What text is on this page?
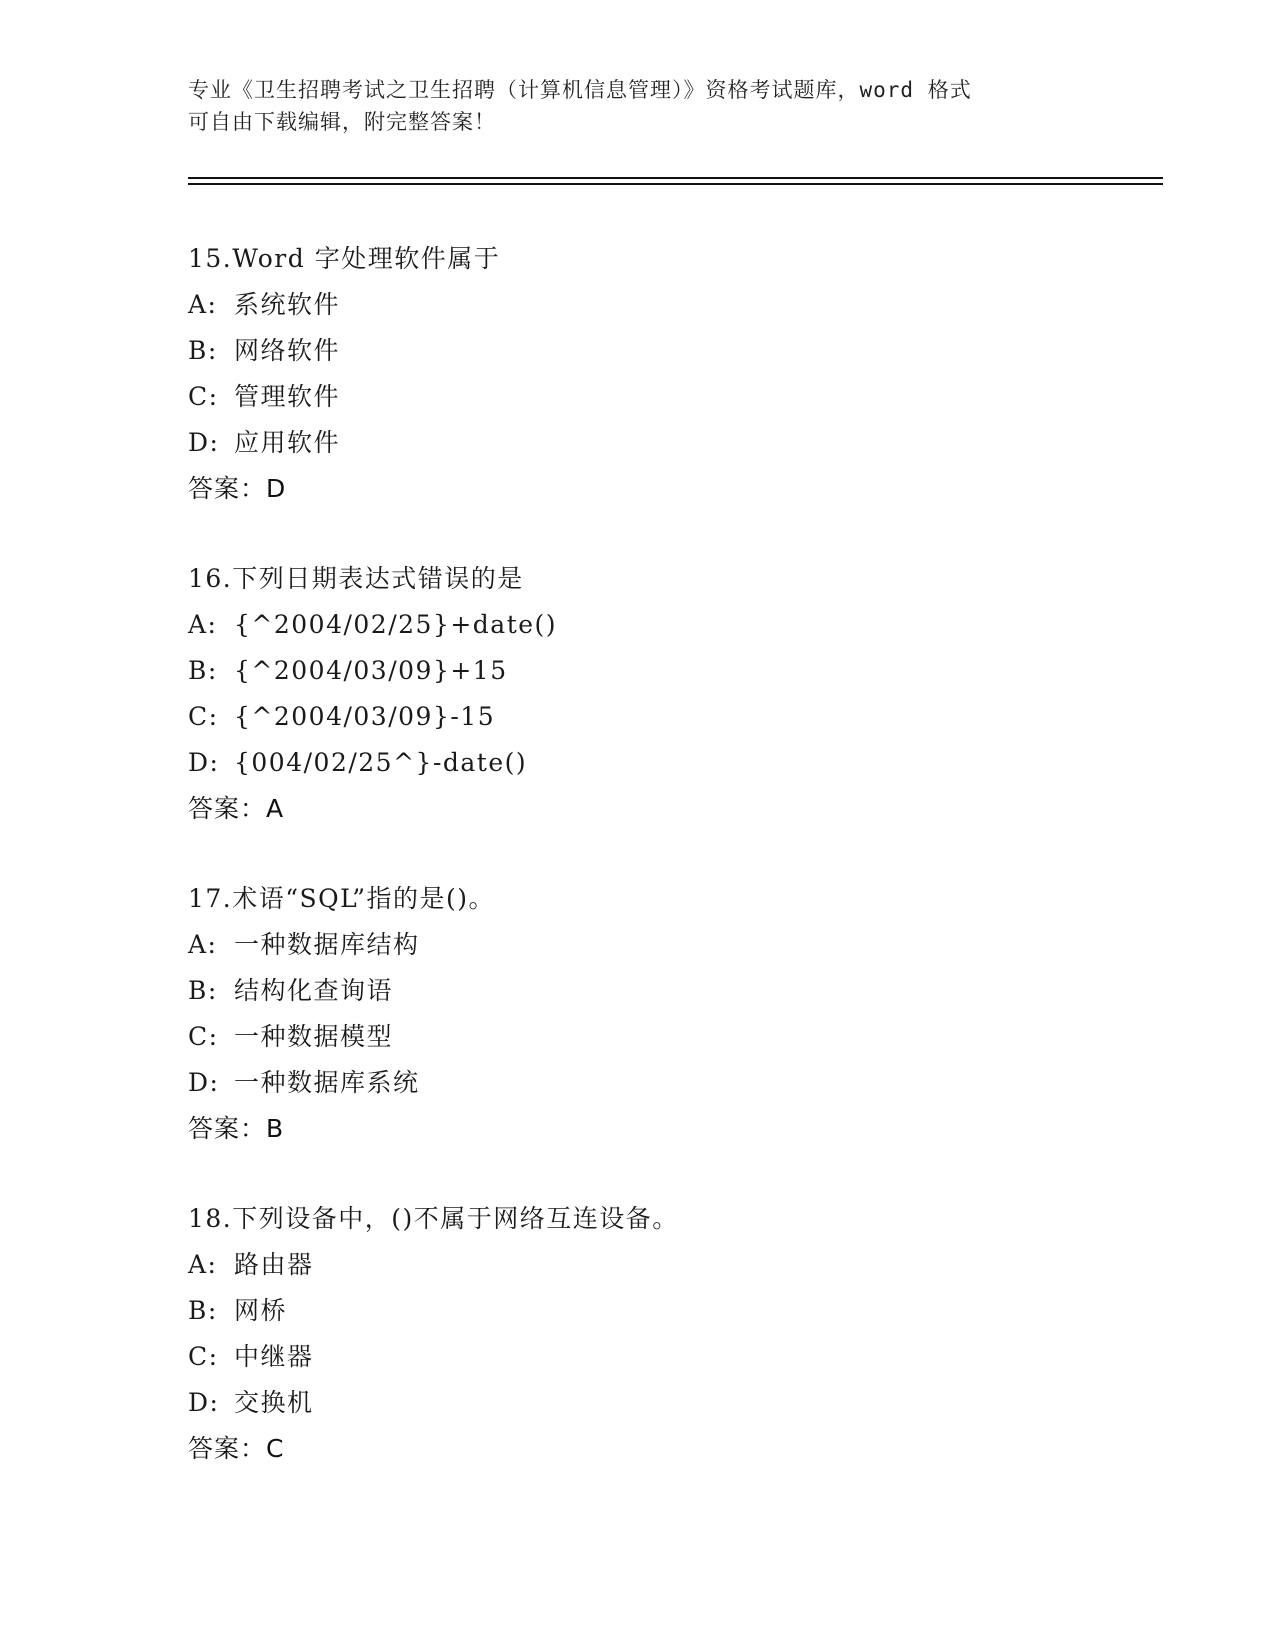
专业《卫生招聘考试之卫生招聘（计算机信息管理）》资格考试题库，word 格式
可自由下载编辑，附完整答案！
15.Word 字处理软件属于
A: 系统软件
B: 网络软件
C: 管理软件
D: 应用软件
答案：D
16.下列日期表达式错误的是
A: {^2004/02/25}+date()
B: {^2004/03/09}+15
C: {^2004/03/09}-15
D: {004/02/25^}-date()
答案：A
17.术语“SQL”指的是()。
A: 一种数据库结构
B: 结构化查询语
C: 一种数据模型
D: 一种数据库系统
答案：B
18.下列设备中，()不属于网络互连设备。
A: 路由器
B: 网桥
C: 中继器
D: 交换机
答案：C
